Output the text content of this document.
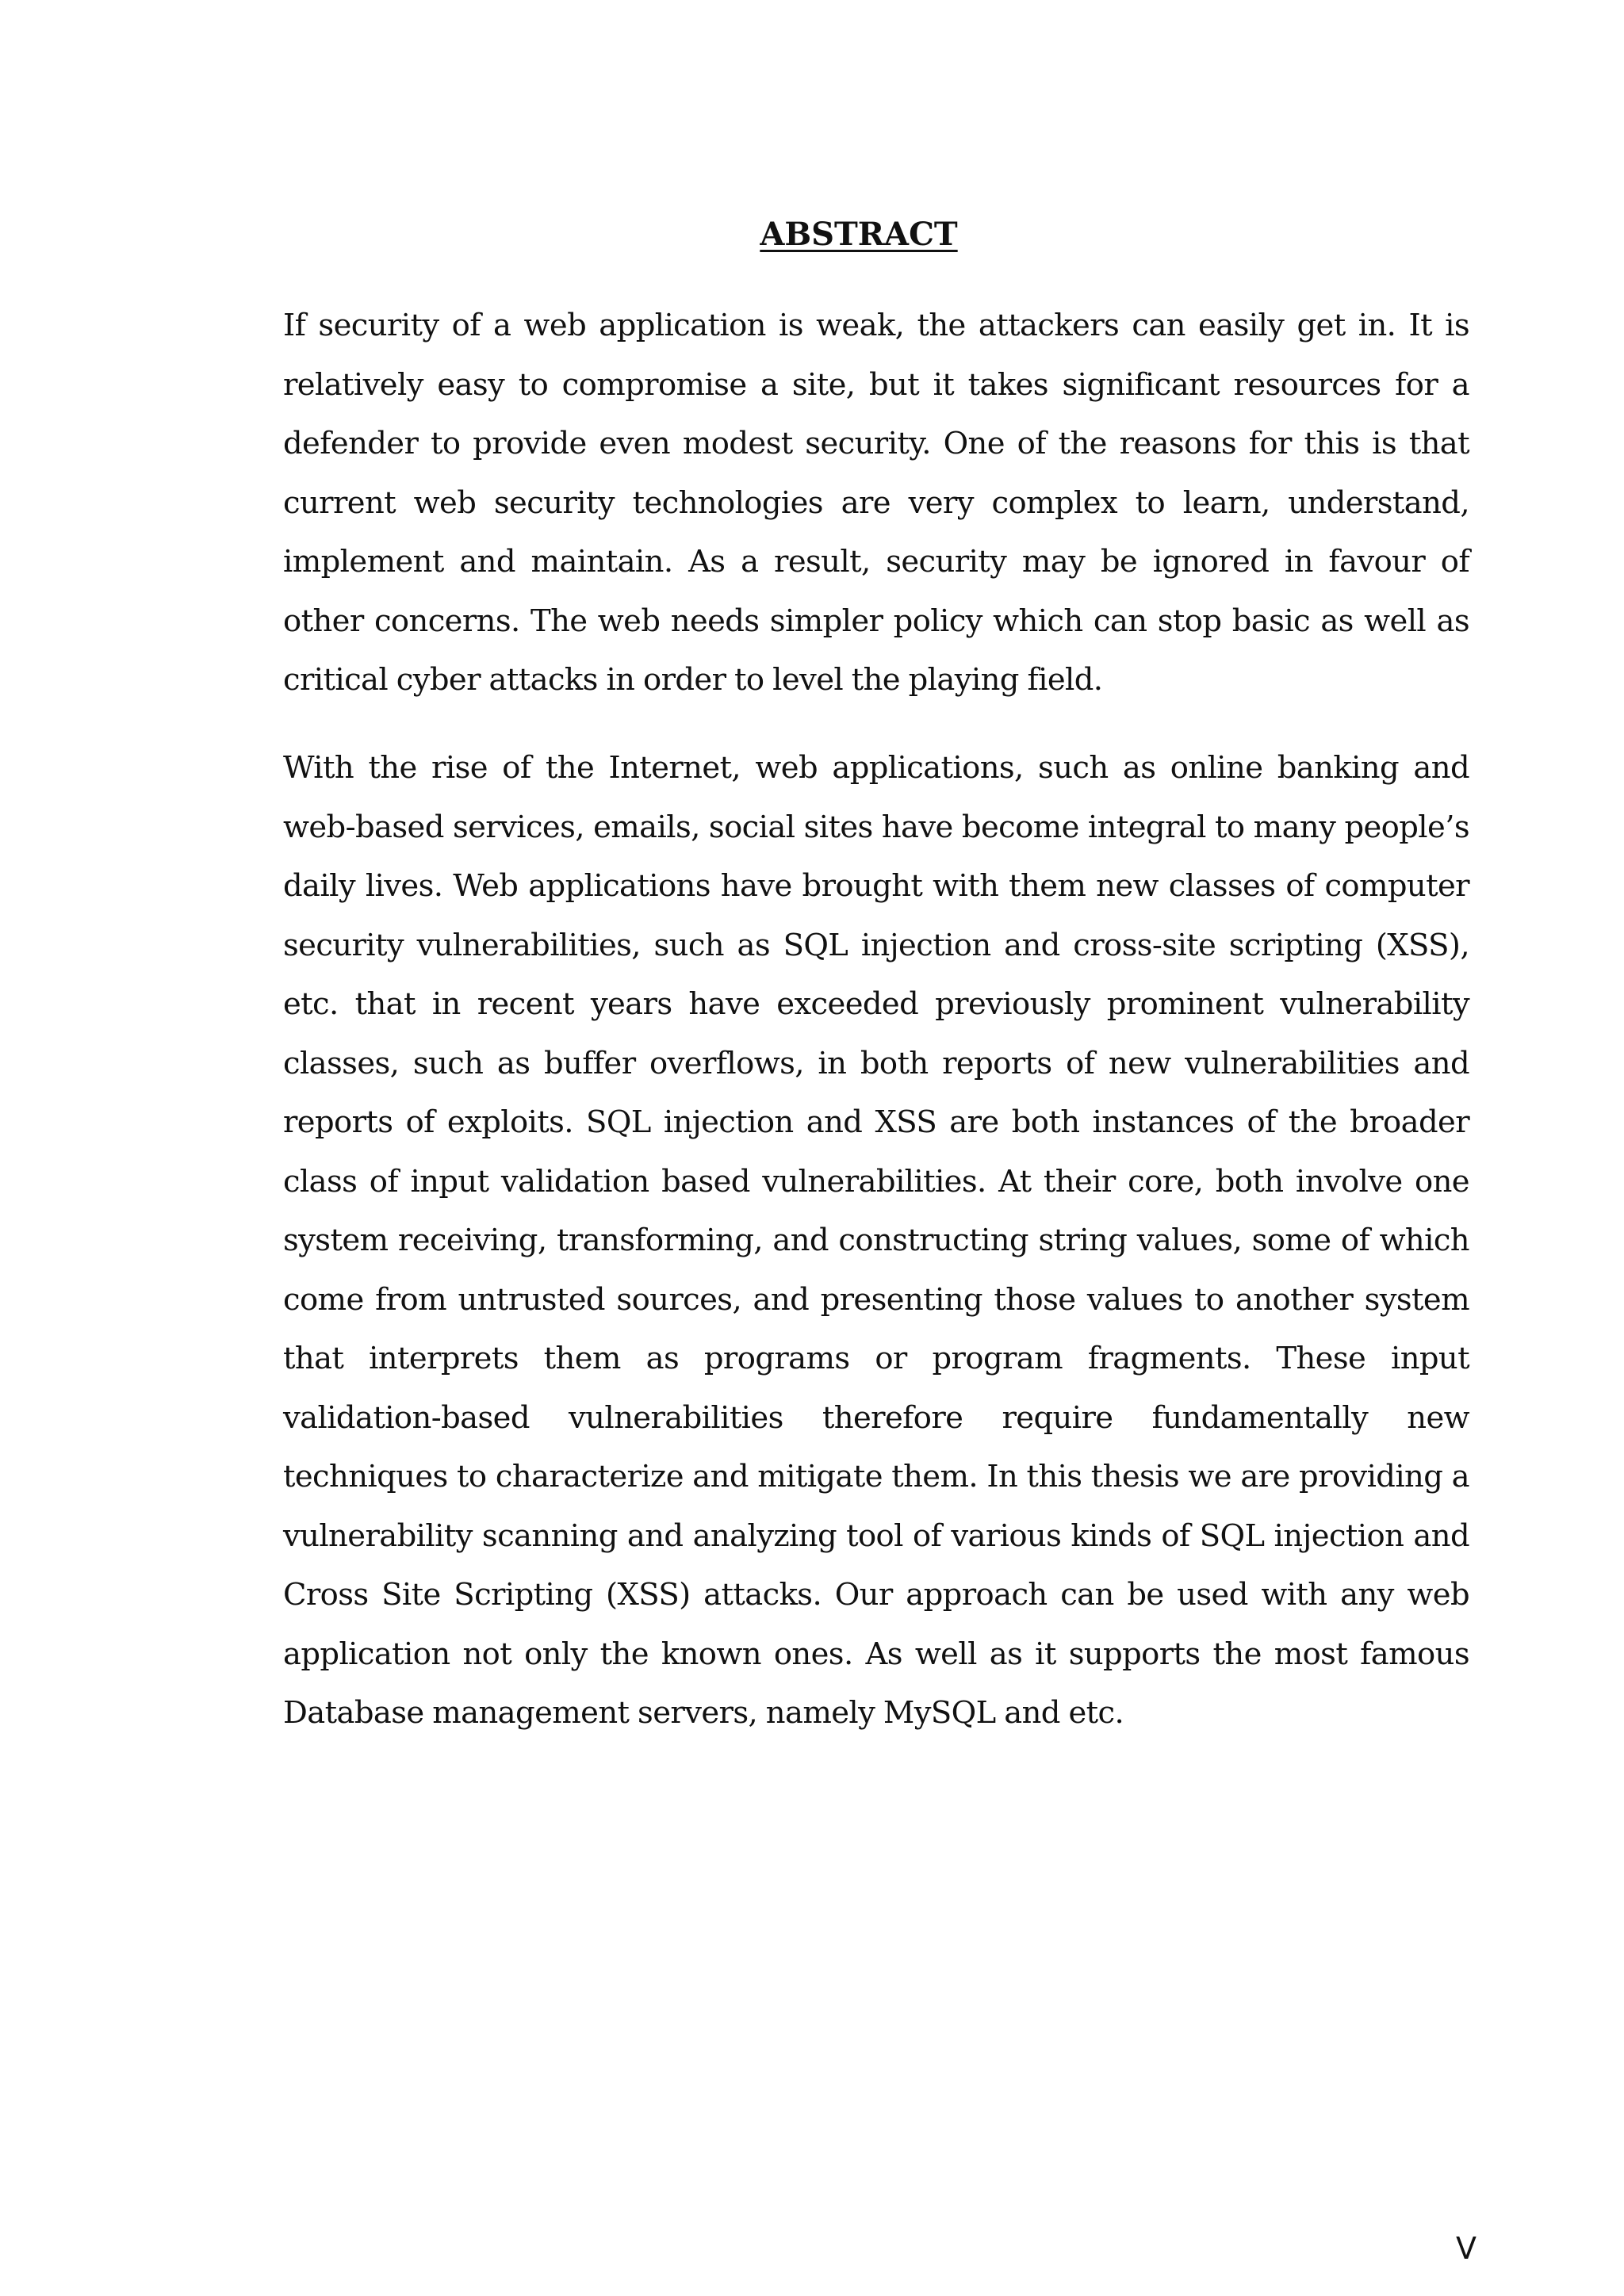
ABSTRACT

If security of a web application is weak, the attackers can easily get in. It is relatively easy to compromise a site, but it takes significant resources for a defender to provide even modest security. One of the reasons for this is that current web security technologies are very complex to learn, understand, implement and maintain. As a result, security may be ignored in favour of other concerns. The web needs simpler policy which can stop basic as well as critical cyber attacks in order to level the playing field.

With the rise of the Internet, web applications, such as online banking and web-based services, emails, social sites have become integral to many people’s daily lives. Web applications have brought with them new classes of computer security vulnerabilities, such as SQL injection and cross-site scripting (XSS), etc. that in recent years have exceeded previously prominent vulnerability classes, such as buffer overflows, in both reports of new vulnerabilities and reports of exploits. SQL injection and XSS are both instances of the broader class of input validation based vulnerabilities. At their core, both involve one system receiving, transforming, and constructing string values, some of which come from untrusted sources, and presenting those values to another system that interprets them as programs or program fragments. These input validation-based vulnerabilities therefore require fundamentally new techniques to characterize and mitigate them. In this thesis we are providing a vulnerability scanning and analyzing tool of various kinds of SQL injection and Cross Site Scripting (XSS) attacks. Our approach can be used with any web application not only the known ones. As well as it supports the most famous Database management servers, namely MySQL and etc.

V
